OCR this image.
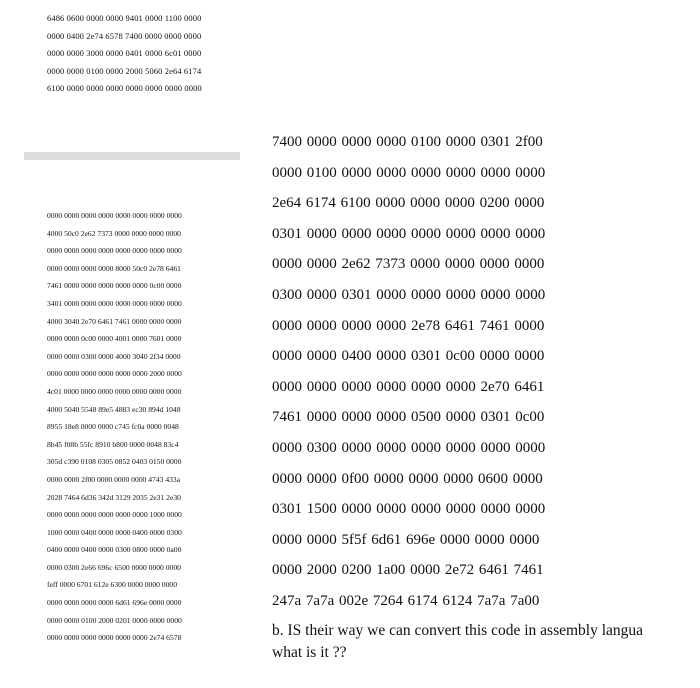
6486 0600 0000 0000 9401 0000 1100 0000
0000 0400 2e74 6578 7400 0000 0000 0000
0000 0000 3000 0000 0401 0000 6c01 0000
0000 0000 0100 0000 2000 5060 2e64 6174
6100 0000 0000 0000 0000 0000 0000 0000
0000 0000 0000 0000 0000 0000 0000 0000
4000 50c0 2e62 7373 0000 0000 0000 0000
0000 0000 0000 0000 0000 0000 0000 0000
0000 0000 0000 0000 8000 50c0 2e78 6461
7461 0000 0000 0000 0000 0000 0c00 0000
3401 0000 0000 0000 0000 0000 0000 0000
4000 3040 2e70 6461 7461 0000 0000 0000
0000 0000 0c00 0000 4001 0000 7601 0000
0000 0000 0300 0000 4000 3040 2f34 0000
0000 0000 0000 0000 0000 0000 2000 0000
4c01 0000 0000 0000 0000 0000 0000 0000
4000 5040 5548 89e5 4883 ec30 894d 1048
8955 18e8 0000 0000 c745 fc0a 0000 0048
8b45 f08b 55fc 8910 b800 0000 0048 83c4
305d c390 0108 0305 0852 0403 0150 0000
0000 0000 2f00 0000 0000 0000 4743 433a
2028 7464 6d36 342d 3129 2035 2e31 2e30
0000 0000 0000 0000 0000 0000 1000 0000
1000 0000 0400 0000 0000 0400 0000 0300
0400 0000 0400 0000 0300 0800 0000 0a00
0000 0300 2e66 696c 6500 0000 0000 0000
feff 0000 6701 612e 6300 0000 0000 0000
0000 0000 0000 0000 6d61 696e 0000 0000
0000 0000 0100 2000 0201 0000 0000 0000
0000 0000 0000 0000 0000 0000 2e74 6578
7400 0000 0000 0000 0100 0000 0301 2f00
0000 0100 0000 0000 0000 0000 0000 0000
2e64 6174 6100 0000 0000 0000 0200 0000
0301 0000 0000 0000 0000 0000 0000 0000
0000 0000 2e62 7373 0000 0000 0000 0000
0300 0000 0301 0000 0000 0000 0000 0000
0000 0000 0000 0000 2e78 6461 7461 0000
0000 0000 0400 0000 0301 0c00 0000 0000
0000 0000 0000 0000 0000 0000 2e70 6461
7461 0000 0000 0000 0500 0000 0301 0c00
0000 0300 0000 0000 0000 0000 0000 0000
0000 0000 0f00 0000 0000 0000 0600 0000
0301 1500 0000 0000 0000 0000 0000 0000
0000 0000 5f5f 6d61 696e 0000 0000 0000
0000 2000 0200 1a00 0000 2e72 6461 7461
247a 7a7a 002e 7264 6174 6124 7a7a 7a00
b. IS their way we can convert this code in assembly langua
what is it ??
